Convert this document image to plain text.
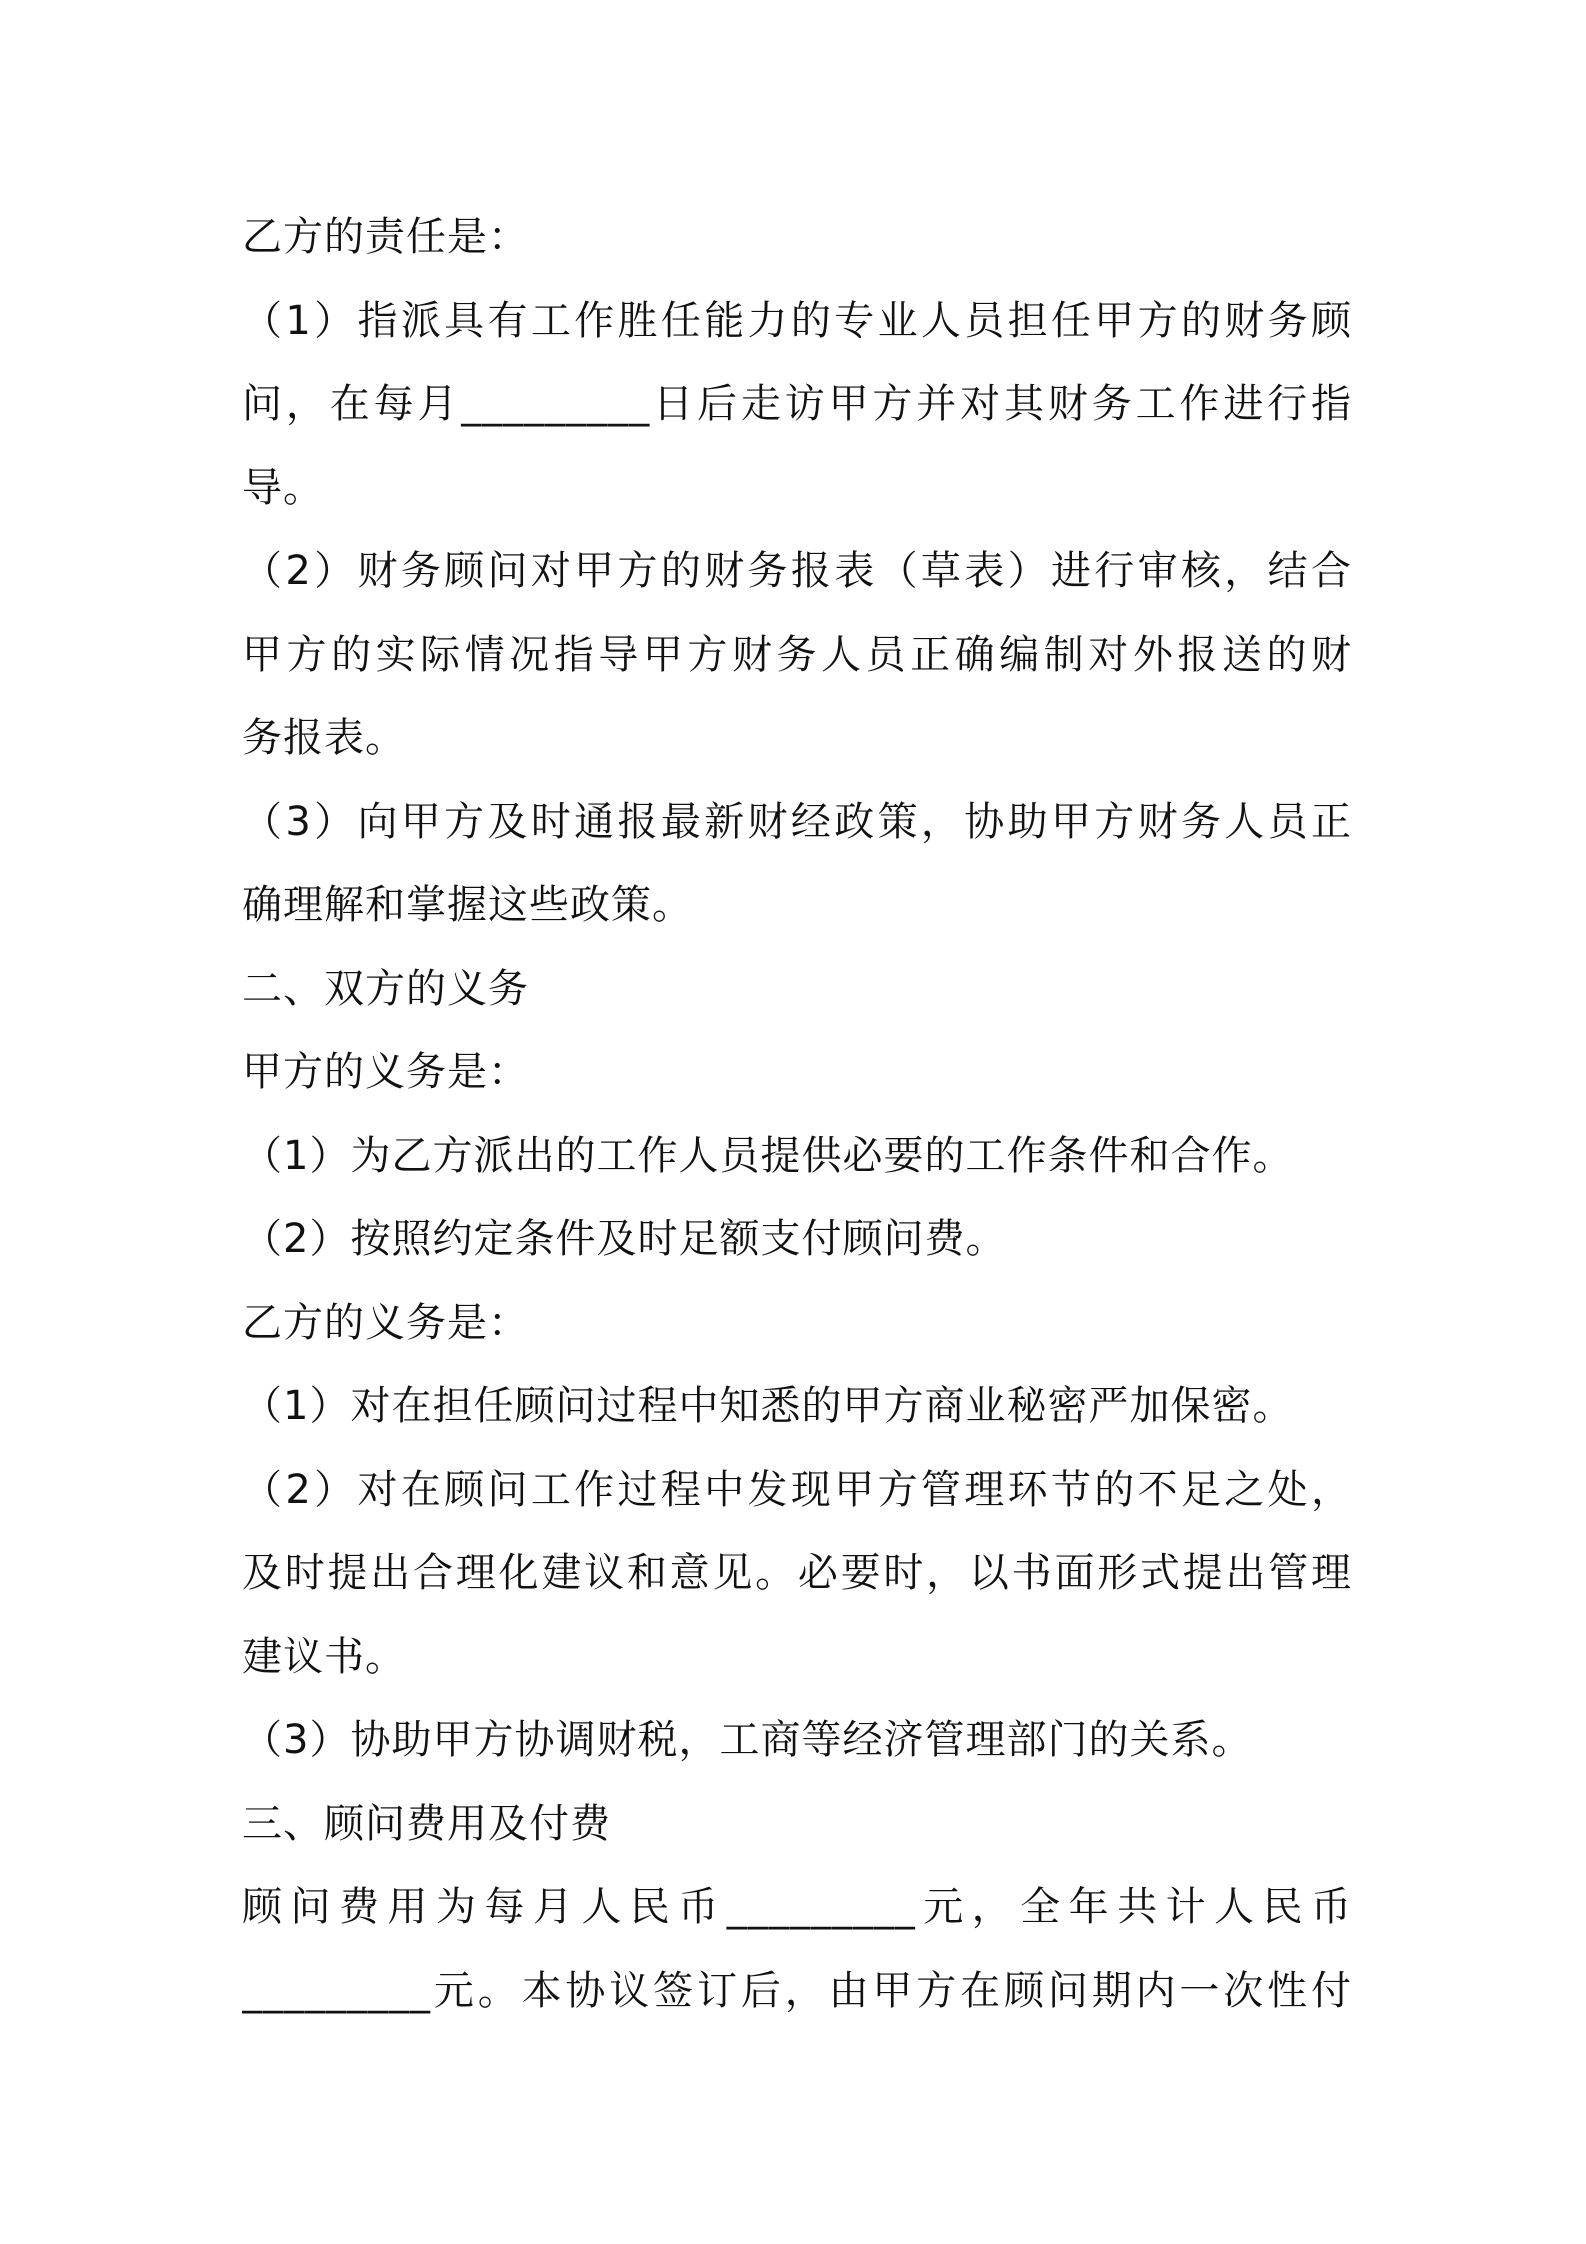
乙方的责任是：
（1）指派具有工作胜任能力的专业人员担任甲方的财务顾
问，在每月_________日后走访甲方并对其财务工作进行指
导。
（2）财务顾问对甲方的财务报表（草表）进行审核，结合
甲方的实际情况指导甲方财务人员正确编制对外报送的财
务报表。
（3）向甲方及时通报最新财经政策，协助甲方财务人员正
确理解和掌握这些政策。
二、双方的义务
甲方的义务是：
（1）为乙方派出的工作人员提供必要的工作条件和合作。
（2）按照约定条件及时足额支付顾问费。
乙方的义务是：
（1）对在担任顾问过程中知悉的甲方商业秘密严加保密。
（2）对在顾问工作过程中发现甲方管理环节的不足之处，
及时提出合理化建议和意见。必要时，以书面形式提出管理
建议书。
（3）协助甲方协调财税，工商等经济管理部门的关系。
三、顾问费用及付费
顾问费用为每月人民币_________元，全年共计人民币
_________元。本协议签订后，由甲方在顾问期内一次性付
